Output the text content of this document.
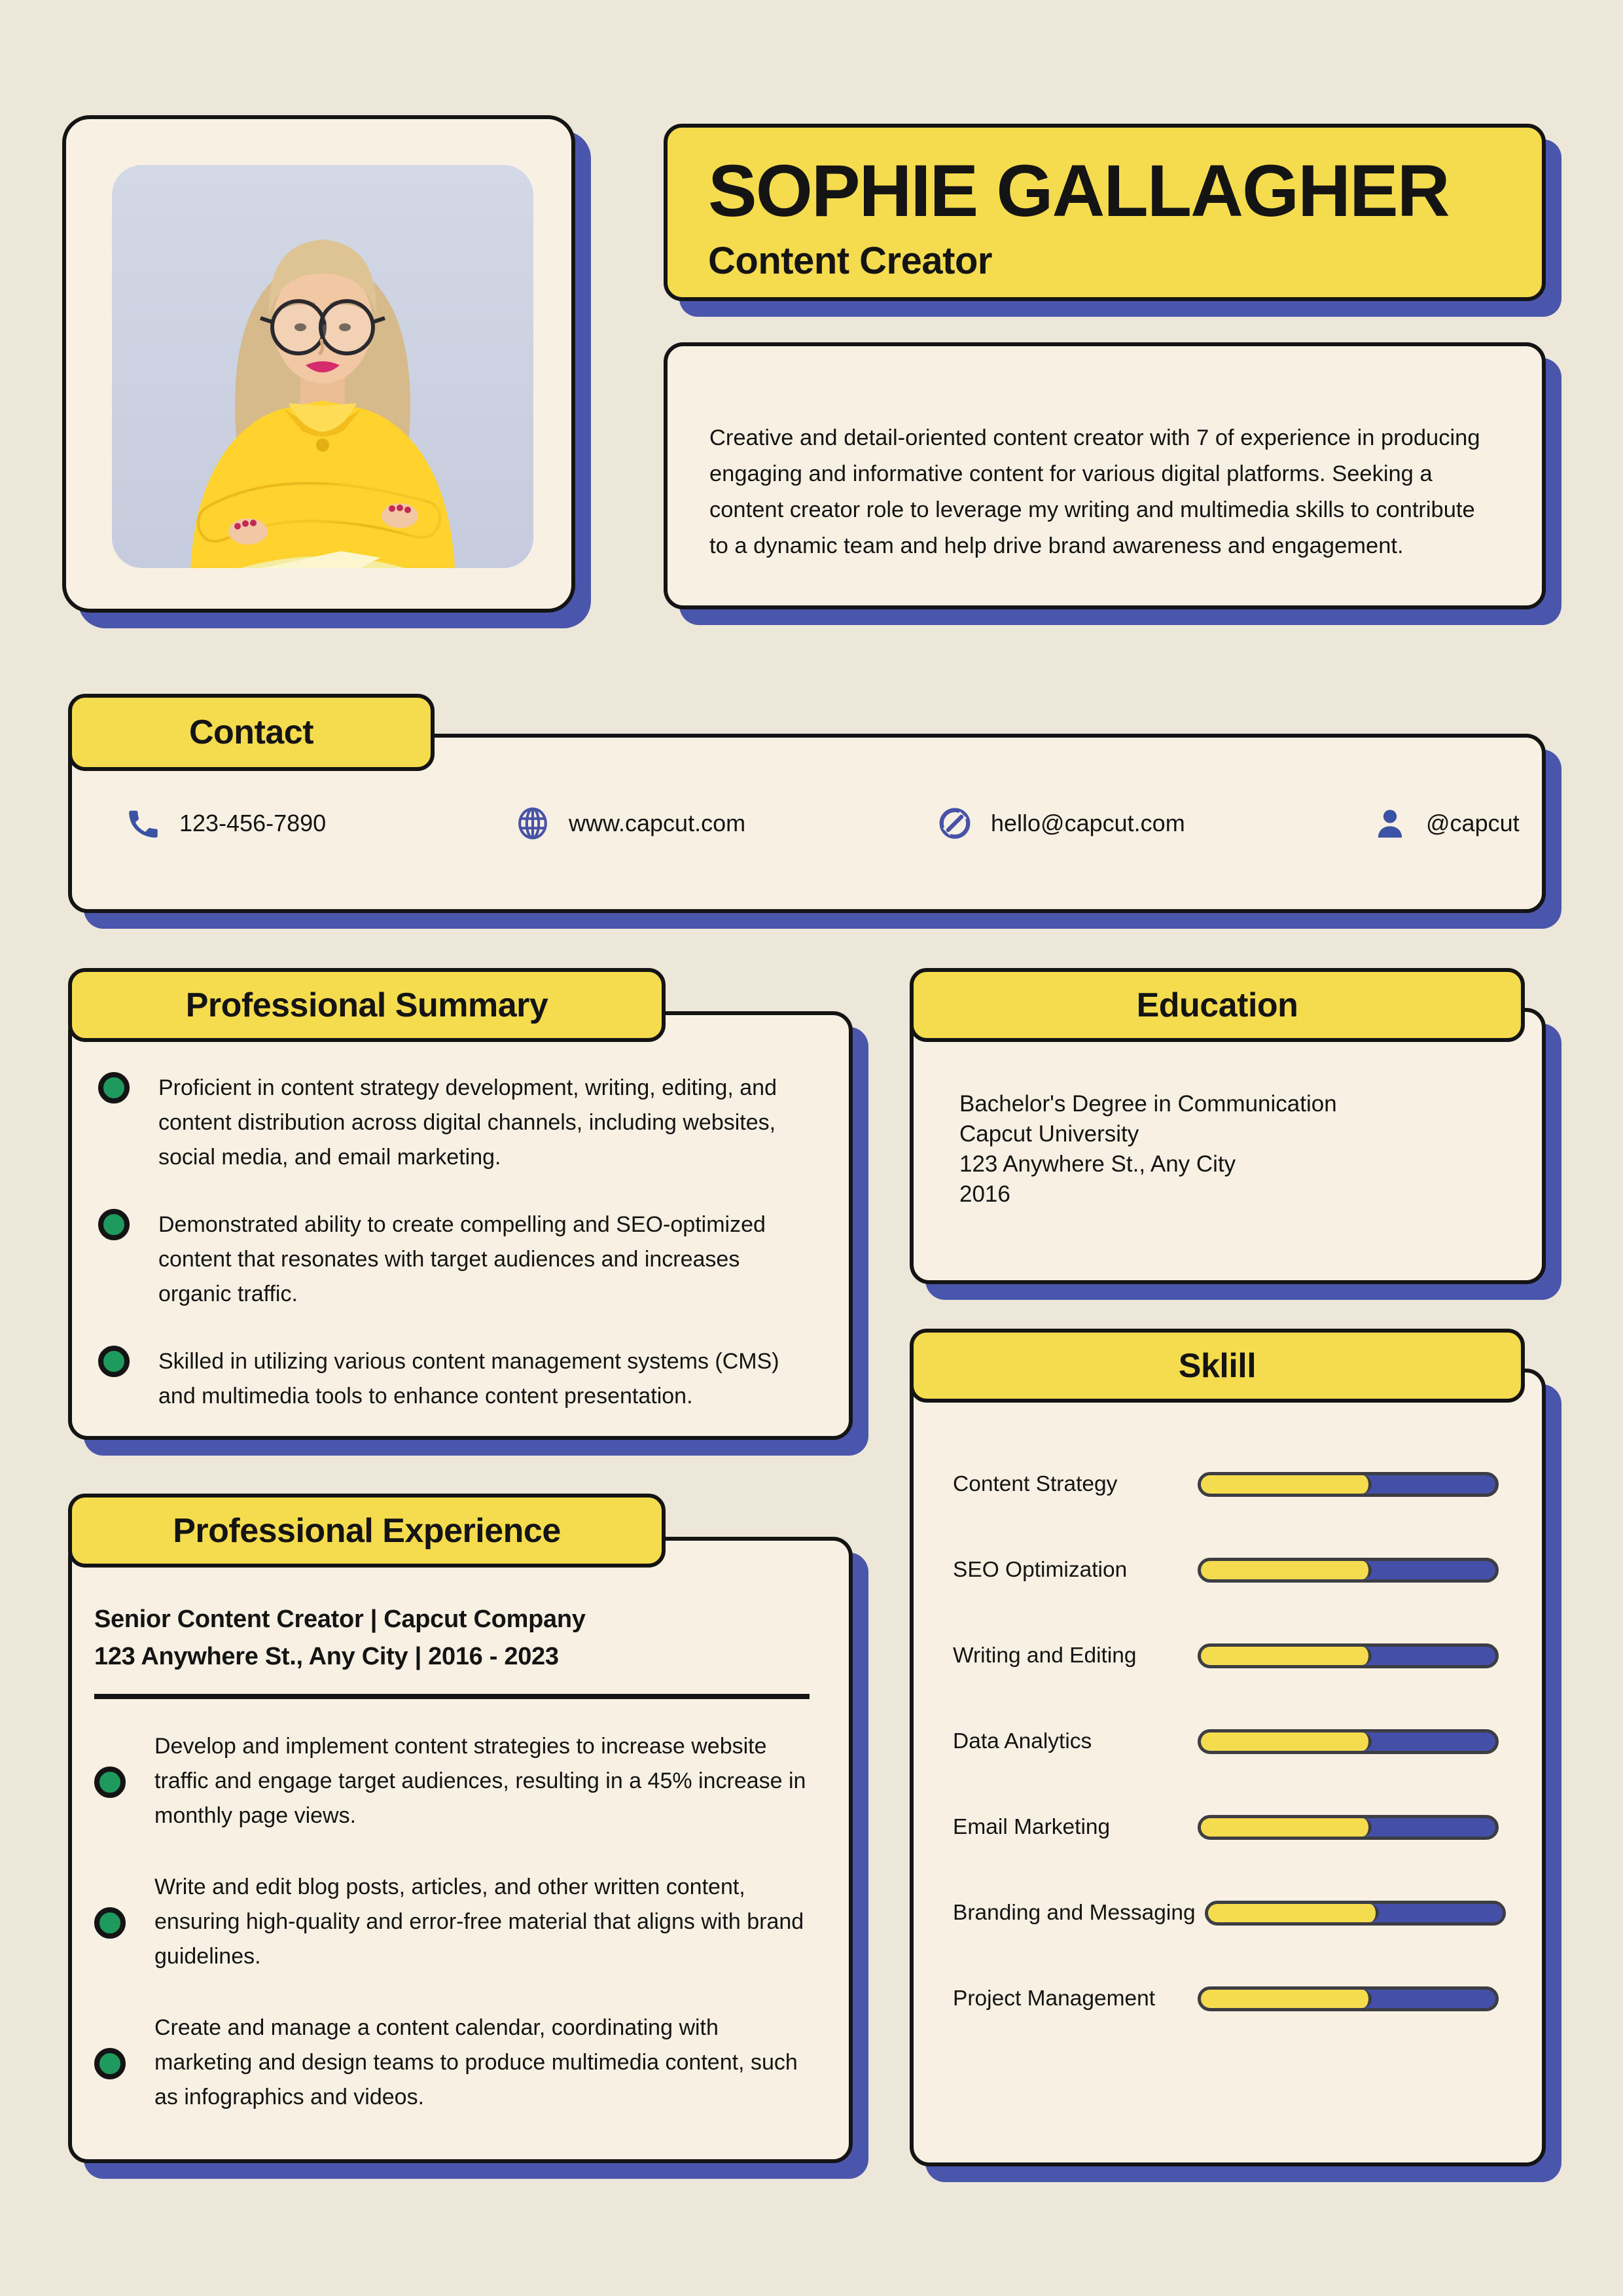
SOPHIE GALLAGHER
Content Creator
Creative and detail-oriented content creator with 7 of experience in producing engaging and informative content for various digital platforms. Seeking a content creator role to leverage my writing and multimedia skills to contribute to a dynamic team and help drive brand awareness and engagement.
Contact
123-456-7890	www.capcut.com	hello@capcut.com	@capcut
Professional Summary
Proficient in content strategy development, writing, editing, and content distribution across digital channels, including websites, social media, and email marketing.
Demonstrated ability to create compelling and SEO-optimized content that resonates with target audiences and increases organic traffic.
Skilled in utilizing various content management systems (CMS) and multimedia tools to enhance content presentation.
Education
Bachelor's Degree in Communication
Capcut University
123 Anywhere St., Any City
2016
Sklill
Content Strategy
SEO Optimization
Writing and Editing
Data Analytics
Email Marketing
Branding and Messaging
Project Management
Professional Experience
Senior Content Creator | Capcut Company
123 Anywhere St., Any City | 2016 - 2023
Develop and implement content strategies to increase website traffic and engage target audiences, resulting in a 45% increase in monthly page views.
Write and edit blog posts, articles, and other written content, ensuring high-quality and error-free material that aligns with brand guidelines.
Create and manage a content calendar, coordinating with marketing and design teams to produce multimedia content, such as infographics and videos.
